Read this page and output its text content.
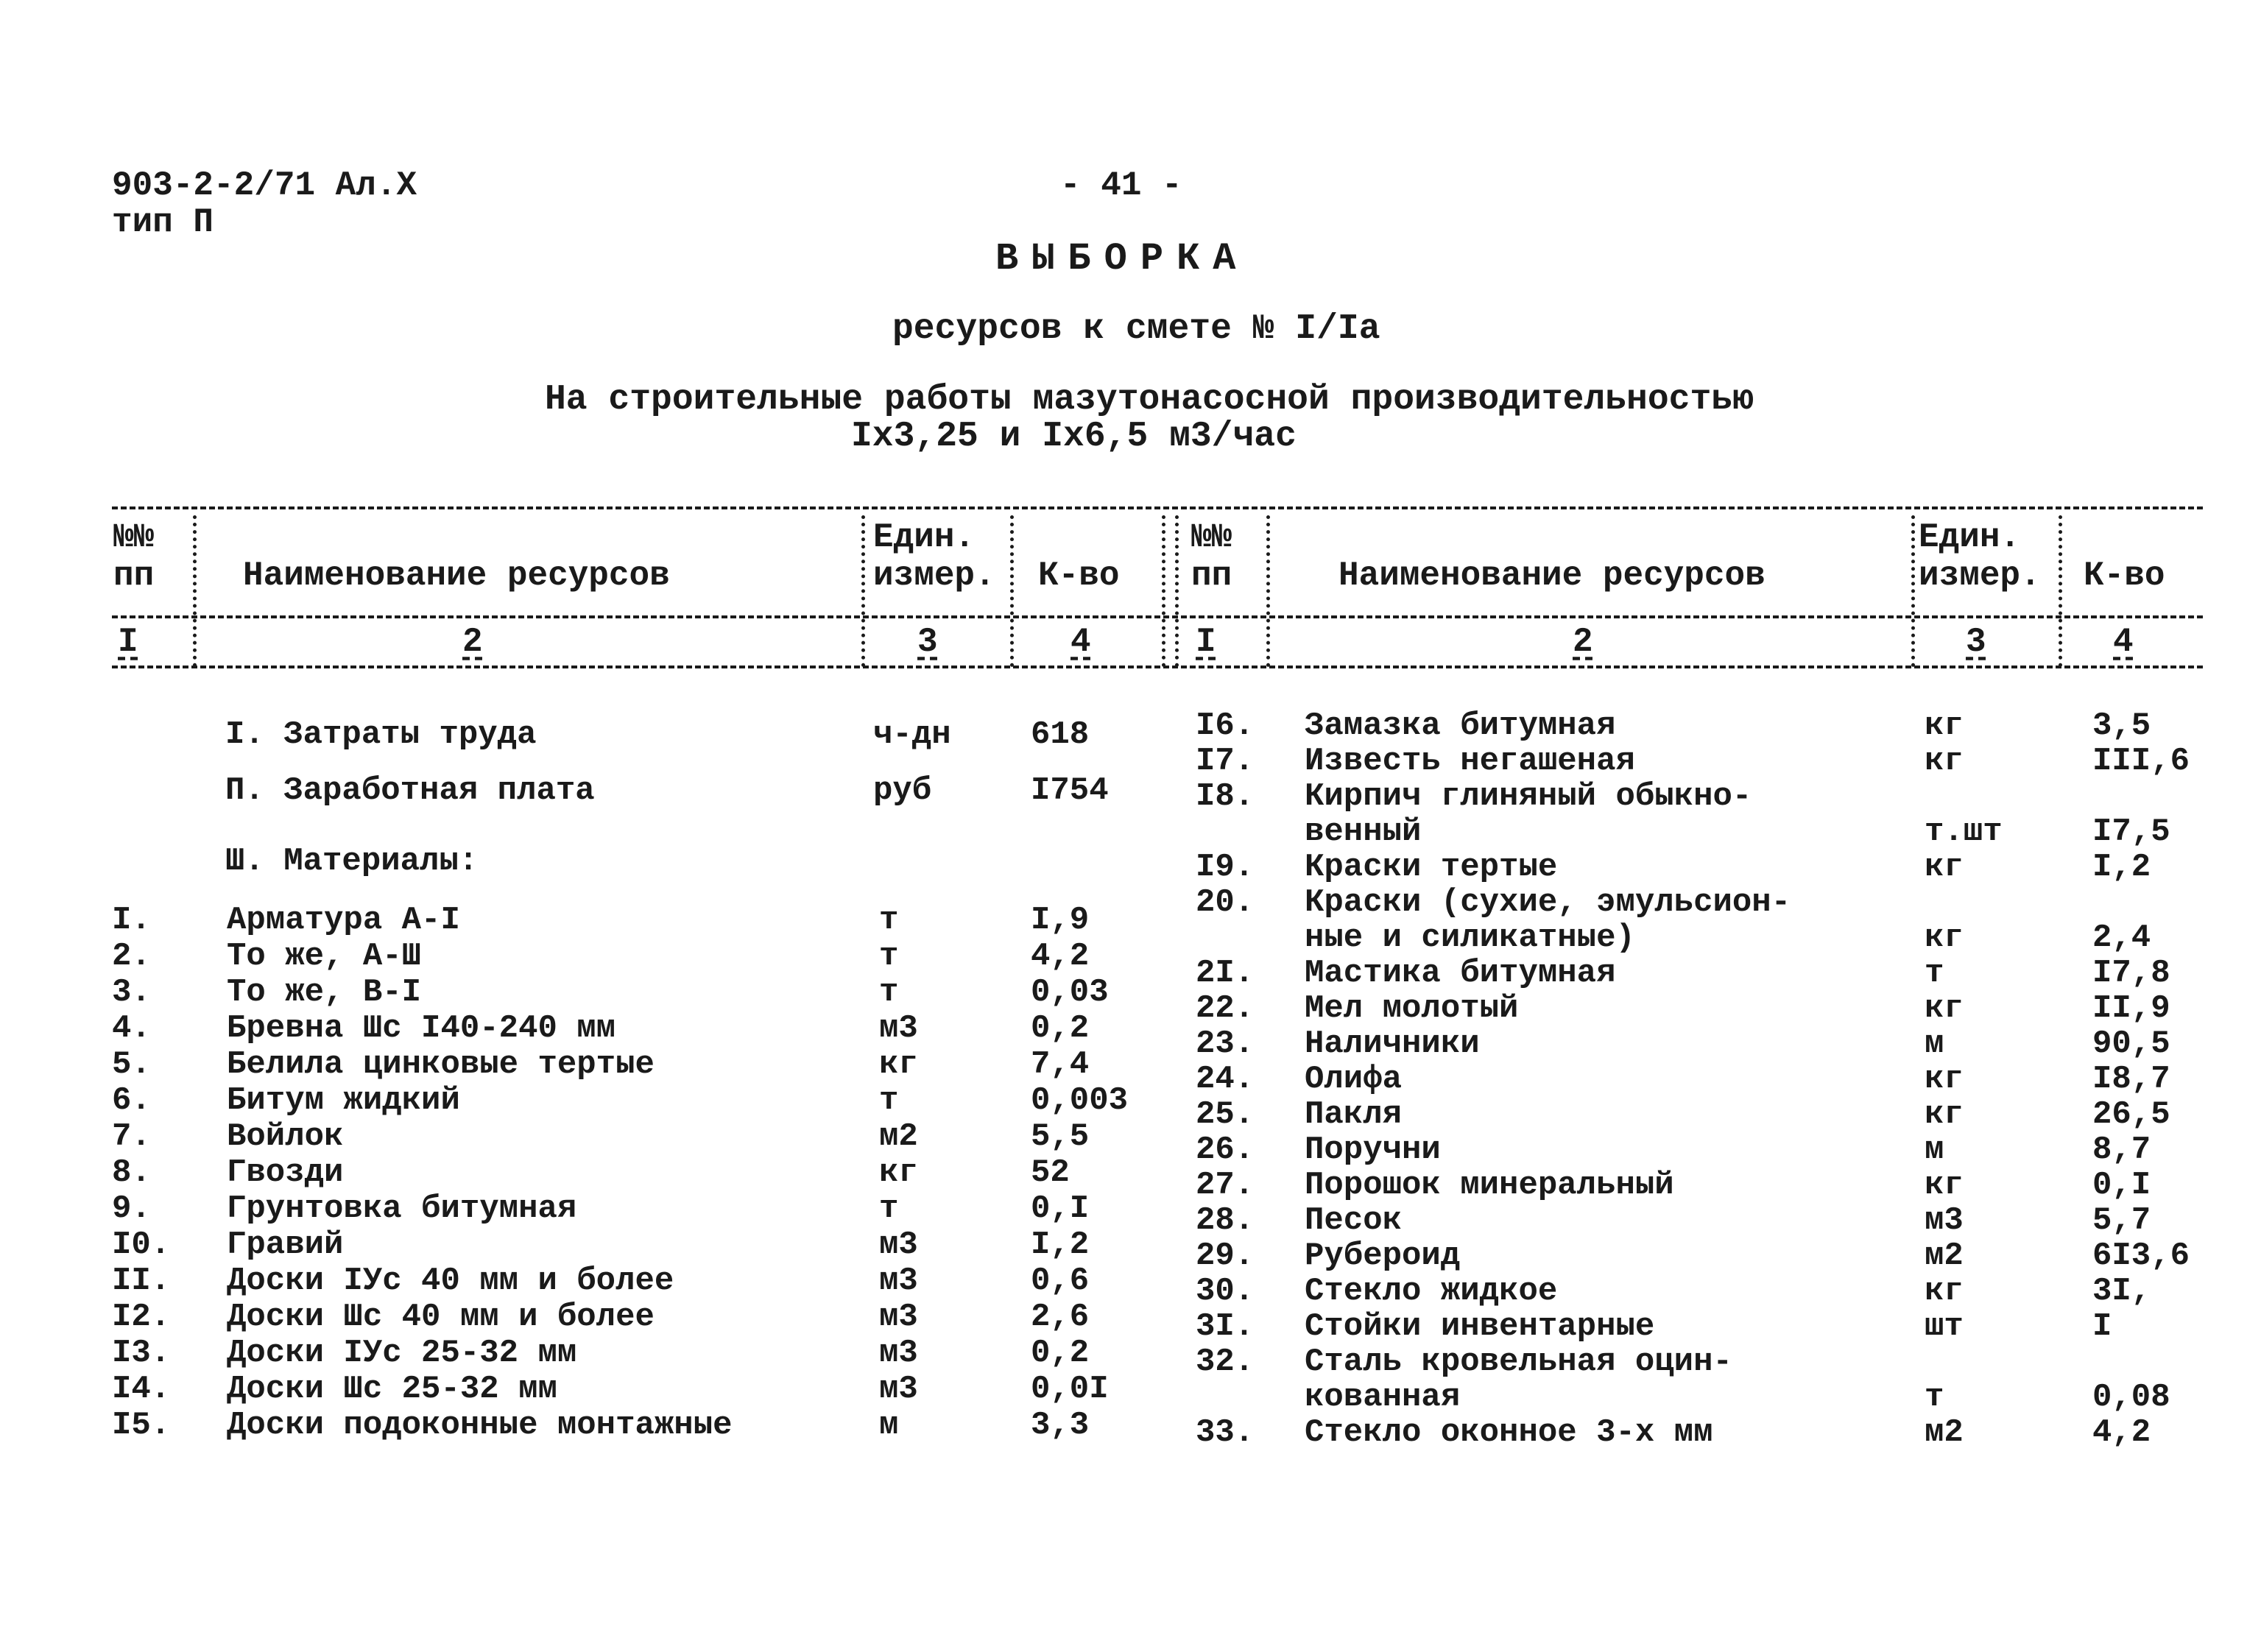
903-2-2/71 Ал.X
тип П
- 41 -
ВЫБОРКА
ресурсов к смете № I/Iа
На строительные работы мазутонасосной производительностью
Iх3,25 и Iх6,5 м3/час
№№
пп	Наименование ресурсов
Един.
измер. К-во
I	2	3	4
№№
пп	Наименование ресурсов
Един.
измер. К-во
I	2	3	4
I. Затраты труда	ч-дн 618
П. Заработная плата	руб	I754
Ш. Материалы:
I. Арматура А-I	т	I,9
2. То же, А-Ш	т	4,2
3. То же, В-I	т	0,03
4. Бревна Шс I40-240 мм	м3	0,2
5. Белила цинковые тертые	кг	7,4
6. Битум жидкий	т	0,003
7. Войлок	м2	5,5
8. Гвозди	кг	52
9. Грунтовка битумная	т	0,I
I0. Гравий	м3	I,2
II. Доски IУс 40 мм и более	м3	0,6
I2. Доски Шс 40 мм и более	м3	2,6
I3. Доски IУс 25-32 мм	м3	0,2
I4. Доски Шс 25-32 мм	м3	0,0I
I5. Доски подоконные монтажные	м	3,3
I6. Замазка битумная	кг	3,5
I7. Известь негашеная	кг	III,6
I8. Кирпич глиняный обыкно-
венный	т.шт	I7,5
I9. Краски тертые	кг	I,2
20. Краски (сухие, эмульсион-
ные и силикатные)	кг	2,4
2I. Мастика битумная	т	I7,8
22. Мел молотый	кг	II,9
23. Наличники	м	90,5
24. Олифа	кг	I8,7
25. Пакля	кг	26,5
26. Поручни	м	8,7
27. Порошок минеральный	кг	0,I
28. Песок	м3	5,7
29. Рубероид	м2	6I3,6
30. Стекло жидкое	кг	3I,
3I. Стойки инвентарные	шт	I
32. Сталь кровельная оцин-
кованная	т	0,08
33. Стекло оконное 3-х мм	м2	4,2
